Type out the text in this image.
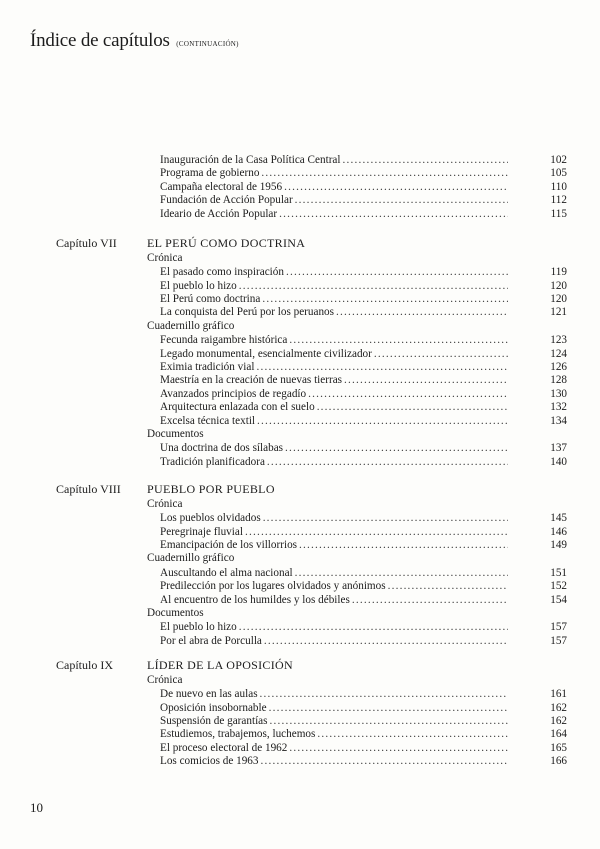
Índice de capítulos (CONTINUACIÓN)
Inauguración de la Casa Política Central .....	102
Programa de gobierno .....	105
Campaña electoral de 1956 .....	110
Fundación de Acción Popular .....	112
Ideario de Acción Popular .....	115
Capítulo VII	EL PERÚ COMO DOCTRINA
Crónica
El pasado como inspiración .....	119
El pueblo lo hizo .....	120
El Perú como doctrina .....	120
La conquista del Perú por los peruanos .....	121
Cuadernillo gráfico
Fecunda raigambre histórica .....	123
Legado monumental, esencialmente civilizador .....	124
Eximia tradición vial .....	126
Maestría en la creación de nuevas tierras .....	128
Avanzados principios de regadío .....	130
Arquitectura enlazada con el suelo .....	132
Excelsa técnica textil .....	134
Documentos
Una doctrina de dos sílabas .....	137
Tradición planificadora .....	140
Capítulo VIII PUEBLO POR PUEBLO
Crónica
Los pueblos olvidados .....	145
Peregrinaje fluvial .....	146
Emancipación de los villorrios .....	149
Cuadernillo gráfico
Auscultando el alma nacional .....	151
Predilección por los lugares olvidados y anónimos .....	152
Al encuentro de los humildes y los débiles .....	154
Documentos
El pueblo lo hizo .....	157
Por el abra de Porculla .....	157
Capítulo IX	LÍDER DE LA OPOSICIÓN
Crónica
De nuevo en las aulas .....	161
Oposición insobornable .....	162
Suspensión de garantías .....	162
Estudiemos, trabajemos, luchemos .....	164
El proceso electoral de 1962 .....	165
Los comicios de 1963 .....	166
10
